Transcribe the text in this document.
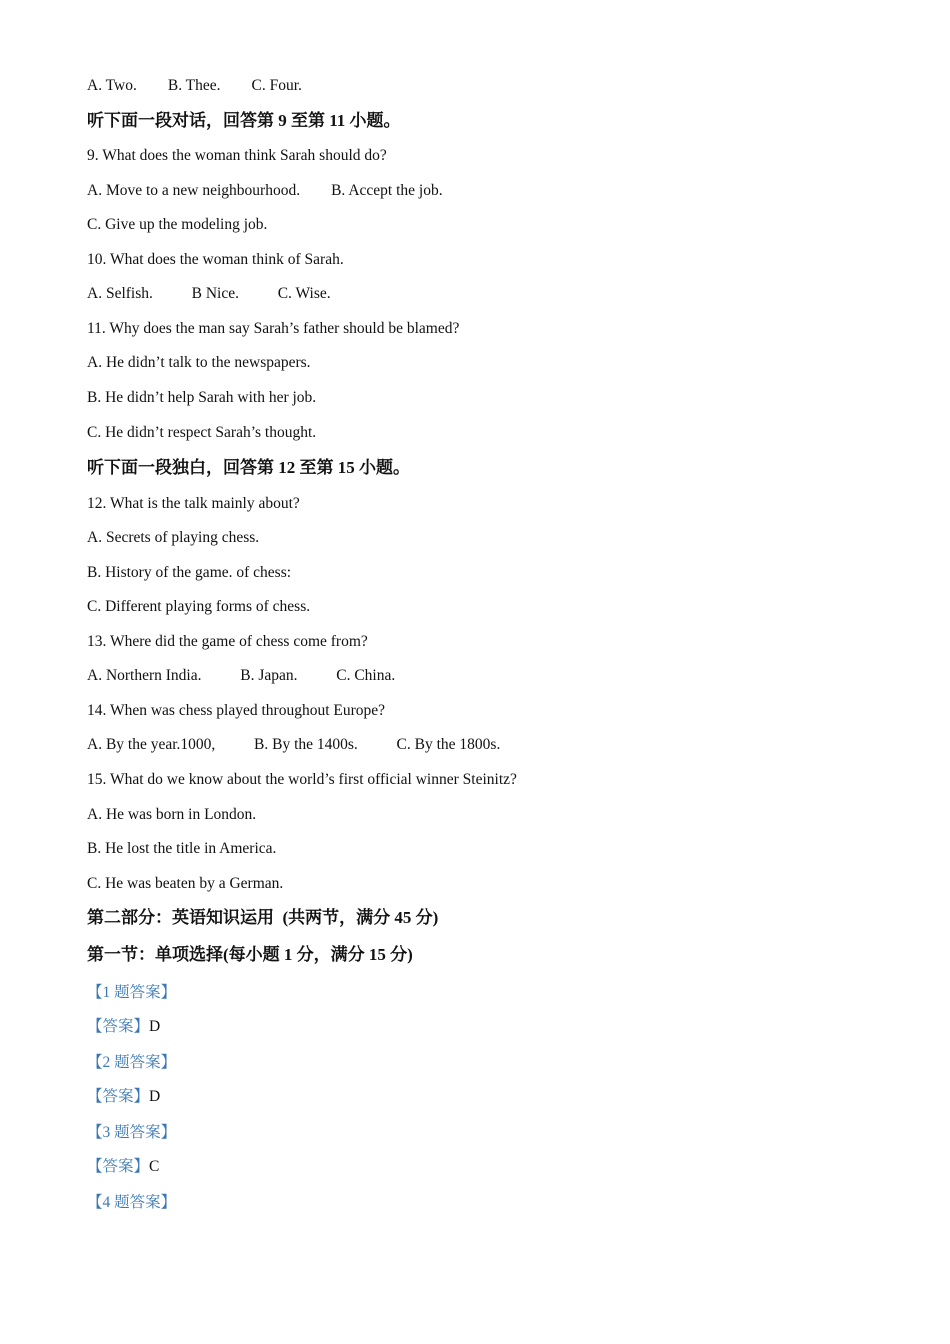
A. Two.        B. Thee.        C. Four.
听下面一段对话，回答第 9 至第 11 小题。
9. What does the woman think Sarah should do?
A. Move to a new neighbourhood.        B. Accept the job.
C. Give up the modeling job.
10. What does the woman think of Sarah.
A. Selfish.          B Nice.          C. Wise.
11. Why does the man say Sarah’s father should be blamed?
A. He didn’t talk to the newspapers.
B. He didn’t help Sarah with her job.
C. He didn’t respect Sarah’s thought.
听下面一段独白，回答第 12 至第 15 小题。
12. What is the talk mainly about?
A. Secrets of playing chess.
B. History of the game. of chess:
C. Different playing forms of chess.
13. Where did the game of chess come from?
A. Northern India.          B. Japan.          C. China.
14. When was chess played throughout Europe?
A. By the year.1000,          B. By the 1400s.          C. By the 1800s.
15. What do we know about the world’s first official winner Steinitz?
A. He was born in London.
B. He lost the title in America.
C. He was beaten by a German.
第二部分：英语知识运用  (共两节，满分 45 分)
第一节：单项选择(每小题 1 分，满分 15 分)
【1 题答案】
【答案】D
【2 题答案】
【答案】D
【3 题答案】
【答案】C
【4 题答案】
